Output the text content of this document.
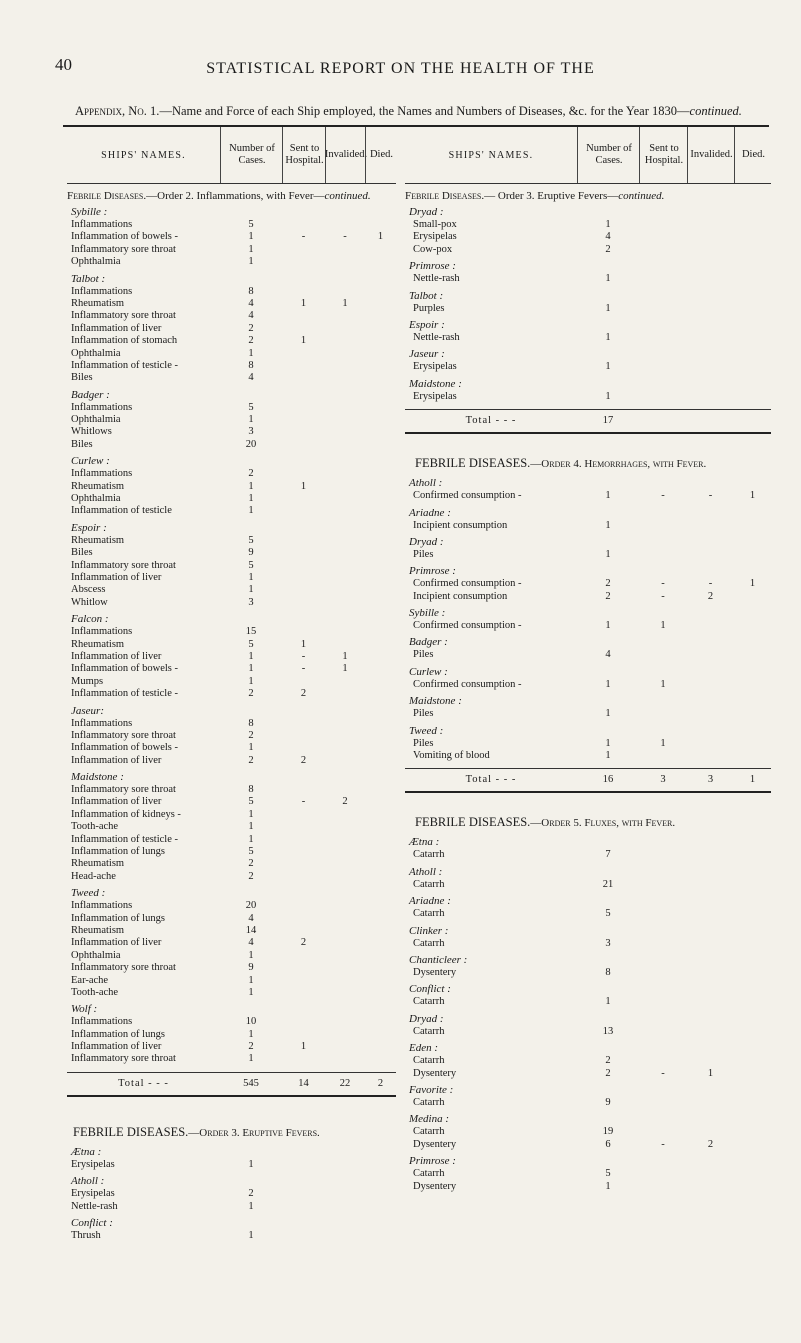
40	STATISTICAL REPORT ON THE HEALTH OF THE
Appendix, No. 1.—Name and Force of each Ship employed, the Names and Numbers of Diseases, &c. for the Year 1830—continued.
SHIPS' NAMES.
Number of Cases.
Sent to Hospital.
Invalided. Died.
Febrile Diseases.—Order 2. Inflammations, with Fever—continued.
Sybille :
Inflammations	5
Inflammation of bowels -	1	-	-	1
Inflammatory sore throat	1
Ophthalmia	1
Talbot :
Inflammations	8
Rheumatism	4	1	1
Inflammatory sore throat	4
Inflammation of liver	2
Inflammation of stomach	2	1
Ophthalmia	1
Inflammation of testicle -	8
Biles	4
Badger :
Inflammations	5
Ophthalmia	1
Whitlows	3
Biles	20
Curlew :
Inflammations	2
Rheumatism	1	1
Ophthalmia	1
Inflammation of testicle	1
Espoir :
Rheumatism	5
Biles	9
Inflammatory sore throat	5
Inflammation of liver	1
Abscess	1
Whitlow	3
Falcon :
Inflammations	15
Rheumatism	5	1
Inflammation of liver	1	-	1
Inflammation of bowels -	1	-	1
Mumps	1
Inflammation of testicle -	2	2
Jaseur:
Inflammations	8
Inflammatory sore throat	2
Inflammation of bowels -	1
Inflammation of liver	2	2
Maidstone :
Inflammatory sore throat	8
Inflammation of liver	5	-	2
Inflammation of kidneys -	1
Tooth-ache	1
Inflammation of testicle -	1
Inflammation of lungs	5
Rheumatism	2
Head-ache	2
Tweed :
Inflammations	20
Inflammation of lungs	4
Rheumatism	14
Inflammation of liver	4	2
Ophthalmia	1
Inflammatory sore throat	9
Ear-ache	1
Tooth-ache	1
Wolf :
Inflammations	10
Inflammation of lungs	1
Inflammation of liver	2	1
Inflammatory sore throat	1
Total - - -	545	14	22	2
FEBRILE DISEASES.—Order 3. Eruptive Fevers.
Ætna :
Erysipelas	1
Atholl :
Erysipelas	2
Nettle-rash	1
Conflict :
Thrush	1
SHIPS' NAMES.
Number of Cases.
Sent to Hospital.
Invalided. Died.
Febrile Diseases.— Order 3. Eruptive Fevers—continued.
Dryad :
Small-pox	1
Erysipelas	4
Cow-pox	2
Primrose :
Nettle-rash	1
Talbot :
Purples	1
Espoir :
Nettle-rash	1
Jaseur :
Erysipelas	1
Maidstone :
Erysipelas	1
Total - - -	17
FEBRILE DISEASES.—Order 4. Hemorrhages, with Fever.
Atholl :
Confirmed consumption -	1	-	-	1
Ariadne :
Incipient consumption	1
Dryad :
Piles	1
Primrose :
Confirmed consumption -	2	-	-	1
Incipient consumption	2	-	2
Sybille :
Confirmed consumption -	1	1
Badger :
Piles	4
Curlew :
Confirmed consumption -	1	1
Maidstone :
Piles	1
Tweed :
Piles	1	1
Vomiting of blood	1
Total - - -	16	3	3	1
FEBRILE DISEASES.—Order 5. Fluxes, with Fever.
Ætna :
Catarrh	7
Atholl :
Catarrh	21
Ariadne :
Catarrh	5
Clinker :
Catarrh	3
Chanticleer :
Dysentery	8
Conflict :
Catarrh	1
Dryad :
Catarrh	13
Eden :
Catarrh	2
Dysentery	2	-	1
Favorite :
Catarrh	9
Medina :
Catarrh	19
Dysentery	6	-	2
Primrose :
Catarrh	5
Dysentery	1
